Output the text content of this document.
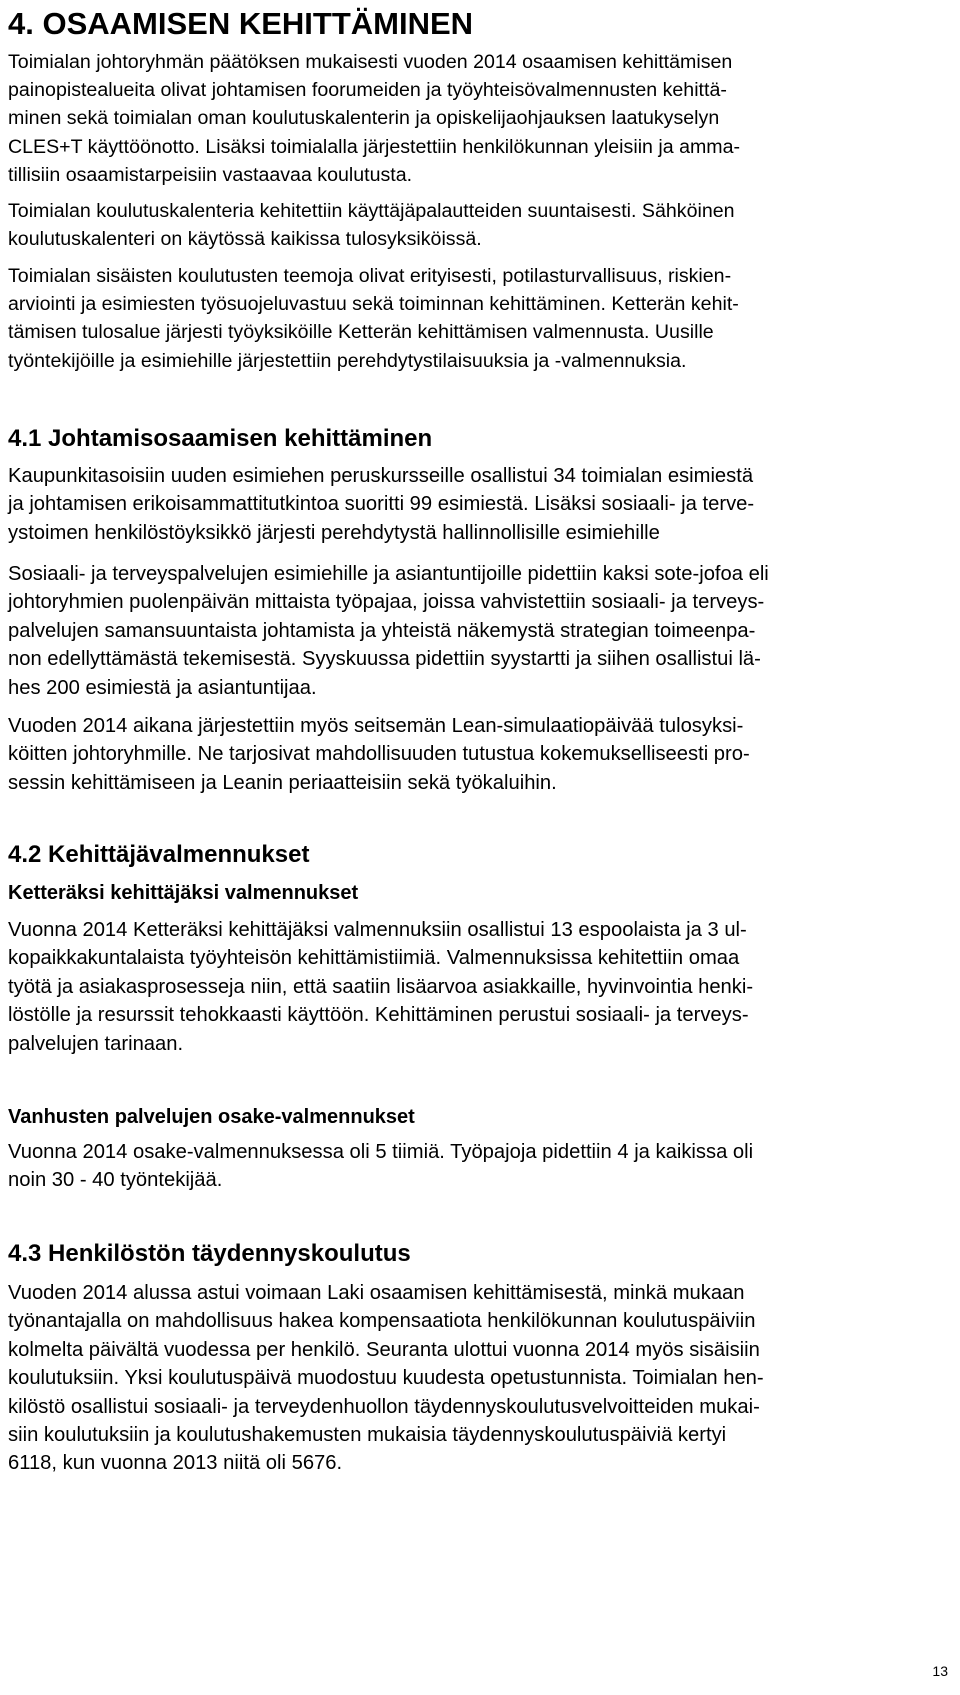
4. OSAAMISEN KEHITTÄMINEN
Toimialan johtoryhmän päätöksen mukaisesti vuoden 2014 osaamisen kehittämisen
painopistealueita olivat johtamisen foorumeiden ja työyhteisövalmennusten kehittä-
minen sekä toimialan oman koulutuskalenterin ja opiskelijaohjauksen laatukyselyn
CLES+T käyttöönotto. Lisäksi toimialalla järjestettiin henkilökunnan yleisiin ja amma-
tillisiin osaamistarpeisiin vastaavaa koulutusta.
Toimialan koulutuskalenteria kehitettiin käyttäjäpalautteiden suuntaisesti. Sähköinen
koulutuskalenteri on käytössä kaikissa tulosyksiköissä.
Toimialan sisäisten koulutusten teemoja olivat erityisesti, potilasturvallisuus, riskien-
arviointi ja esimiesten työsuojeluvastuu sekä toiminnan kehittäminen. Ketterän kehit-
tämisen tulosalue järjesti työyksiköille Ketterän kehittämisen valmennusta. Uusille
työntekijöille ja esimiehille järjestettiin perehdytystilaisuuksia ja -valmennuksia.
4.1 Johtamisosaamisen kehittäminen
Kaupunkitasoisiin uuden esimiehen peruskursseille osallistui 34 toimialan esimiestä
ja johtamisen erikoisammattitutkintoa suoritti 99 esimiestä. Lisäksi sosiaali- ja terve-
ystoimen henkilöstöyksikkö järjesti perehdytystä hallinnollisille esimiehille
Sosiaali- ja terveyspalvelujen esimiehille ja asiantuntijoille pidettiin kaksi sote-jofoa eli
johtoryhmien puolenpäivän mittaista työpajaa, joissa vahvistettiin sosiaali- ja terveys-
palvelujen samansuuntaista johtamista ja yhteistä näkemystä strategian toimeenpa-
non edellyttämästä tekemisestä. Syyskuussa pidettiin syystartti ja siihen osallistui lä-
hes 200 esimiestä ja asiantuntijaa.
Vuoden 2014 aikana järjestettiin myös seitsemän Lean-simulaatiopäivää tulosyksi-
köitten johtoryhmille. Ne tarjosivat mahdollisuuden tutustua kokemukselliseesti pro-
sessin kehittämiseen ja Leanin periaatteisiin sekä työkaluihin.
4.2 Kehittäjävalmennukset
Ketteräksi kehittäjäksi valmennukset
Vuonna 2014 Ketteräksi kehittäjäksi valmennuksiin osallistui 13 espoolaista ja 3 ul-
kopaikkakuntalaista työyhteisön kehittämistiimiä. Valmennuksissa kehitettiin omaa
työtä ja asiakasprosesseja niin, että saatiin lisäarvoa asiakkaille, hyvinvointia henki-
löstölle ja resurssit tehokkaasti käyttöön. Kehittäminen perustui sosiaali- ja terveys-
palvelujen tarinaan.
Vanhusten palvelujen osake-valmennukset
Vuonna 2014 osake-valmennuksessa oli 5 tiimiä. Työpajoja pidettiin 4 ja kaikissa oli
noin 30 - 40 työntekijää.
4.3 Henkilöstön täydennyskoulutus
Vuoden 2014 alussa astui voimaan Laki osaamisen kehittämisestä, minkä mukaan
työnantajalla on mahdollisuus hakea kompensaatiota henkilökunnan koulutuspäiviin
kolmelta päivältä vuodessa per henkilö. Seuranta ulottui vuonna 2014 myös sisäisiin
koulutuksiin. Yksi koulutuspäivä muodostuu kuudesta opetustunnista. Toimialan hen-
kilöstö osallistui sosiaali- ja terveydenhuollon täydennyskoulutusvelvoitteiden mukai-
siin koulutuksiin ja koulutushakemusten mukaisia täydennyskoulutuspäiviä kertyi
6118, kun vuonna 2013 niitä oli 5676.
13
